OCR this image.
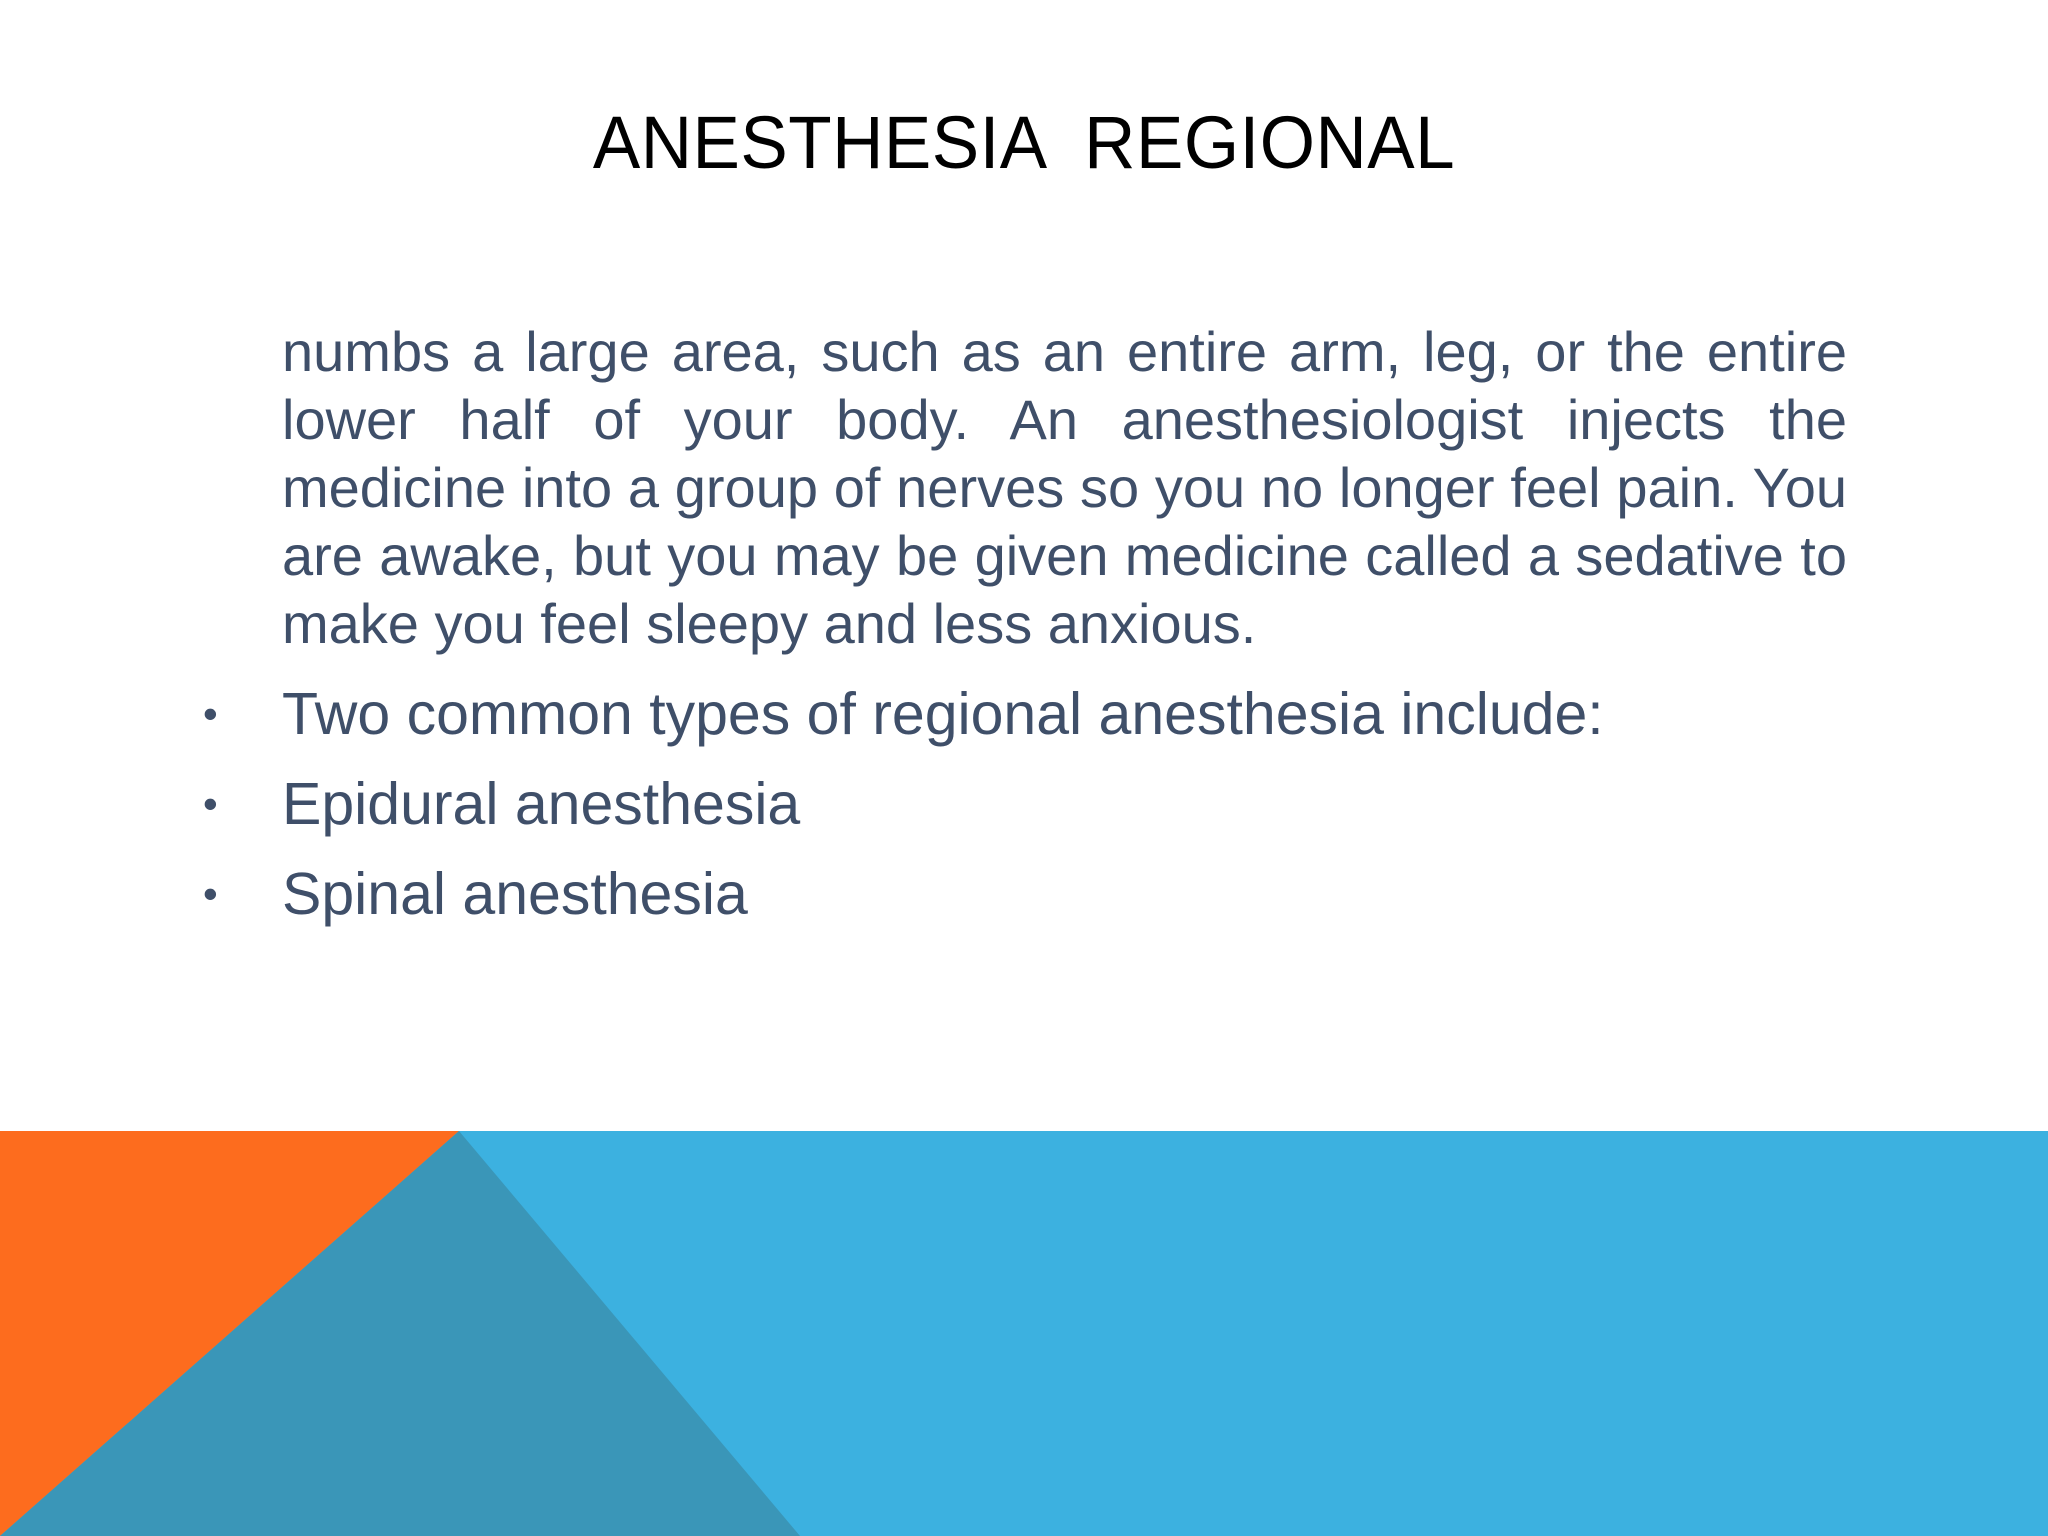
ANESTHESIA  REGIONAL

numbs a large area, such as an entire arm, leg, or the entire lower half of your body. An anesthesiologist injects the medicine into a group of nerves so you no longer feel pain. You are awake, but you may be given medicine called a sedative to make you feel sleepy and less anxious.

• Two common types of regional anesthesia include:
• Epidural anesthesia
• Spinal anesthesia
